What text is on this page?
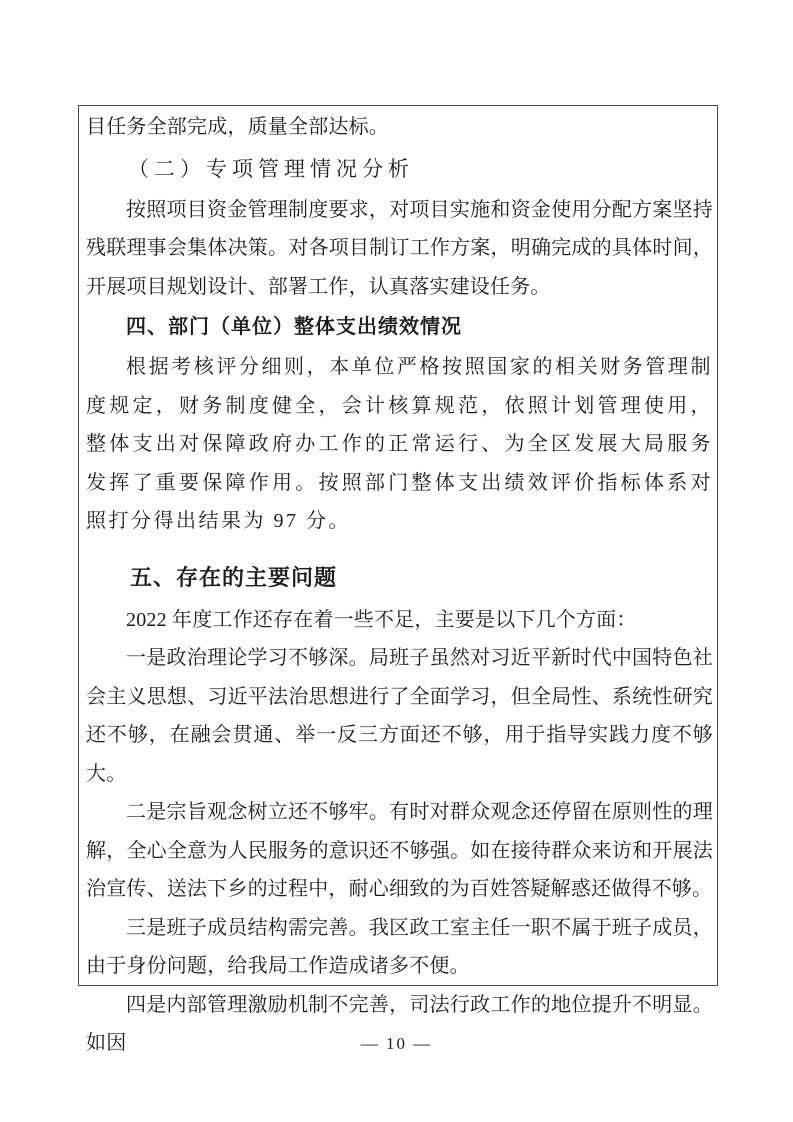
目任务全部完成，质量全部达标。

（二）专项管理情况分析

按照项目资金管理制度要求，对项目实施和资金使用分配方案坚持残联理事会集体决策。对各项目制订工作方案，明确完成的具体时间，开展项目规划设计、部署工作，认真落实建设任务。

四、部门（单位）整体支出绩效情况

根据考核评分细则，本单位严格按照国家的相关财务管理制度规定，财务制度健全，会计核算规范，依照计划管理使用，整体支出对保障政府办工作的正常运行、为全区发展大局服务发挥了重要保障作用。按照部门整体支出绩效评价指标体系对照打分得出结果为 97 分。

五、存在的主要问题

2022 年度工作还存在着一些不足，主要是以下几个方面：

一是政治理论学习不够深。局班子虽然对习近平新时代中国特色社会主义思想、习近平法治思想进行了全面学习，但全局性、系统性研究还不够，在融会贯通、举一反三方面还不够，用于指导实践力度不够大。

二是宗旨观念树立还不够牢。有时对群众观念还停留在原则性的理解，全心全意为人民服务的意识还不够强。如在接待群众来访和开展法治宣传、送法下乡的过程中，耐心细致的为百姓答疑解惑还做得不够。

三是班子成员结构需完善。我区政工室主任一职不属于班子成员，由于身份问题，给我局工作造成诸多不便。

四是内部管理激励机制不完善，司法行政工作的地位提升不明显。如因	— 10 —
